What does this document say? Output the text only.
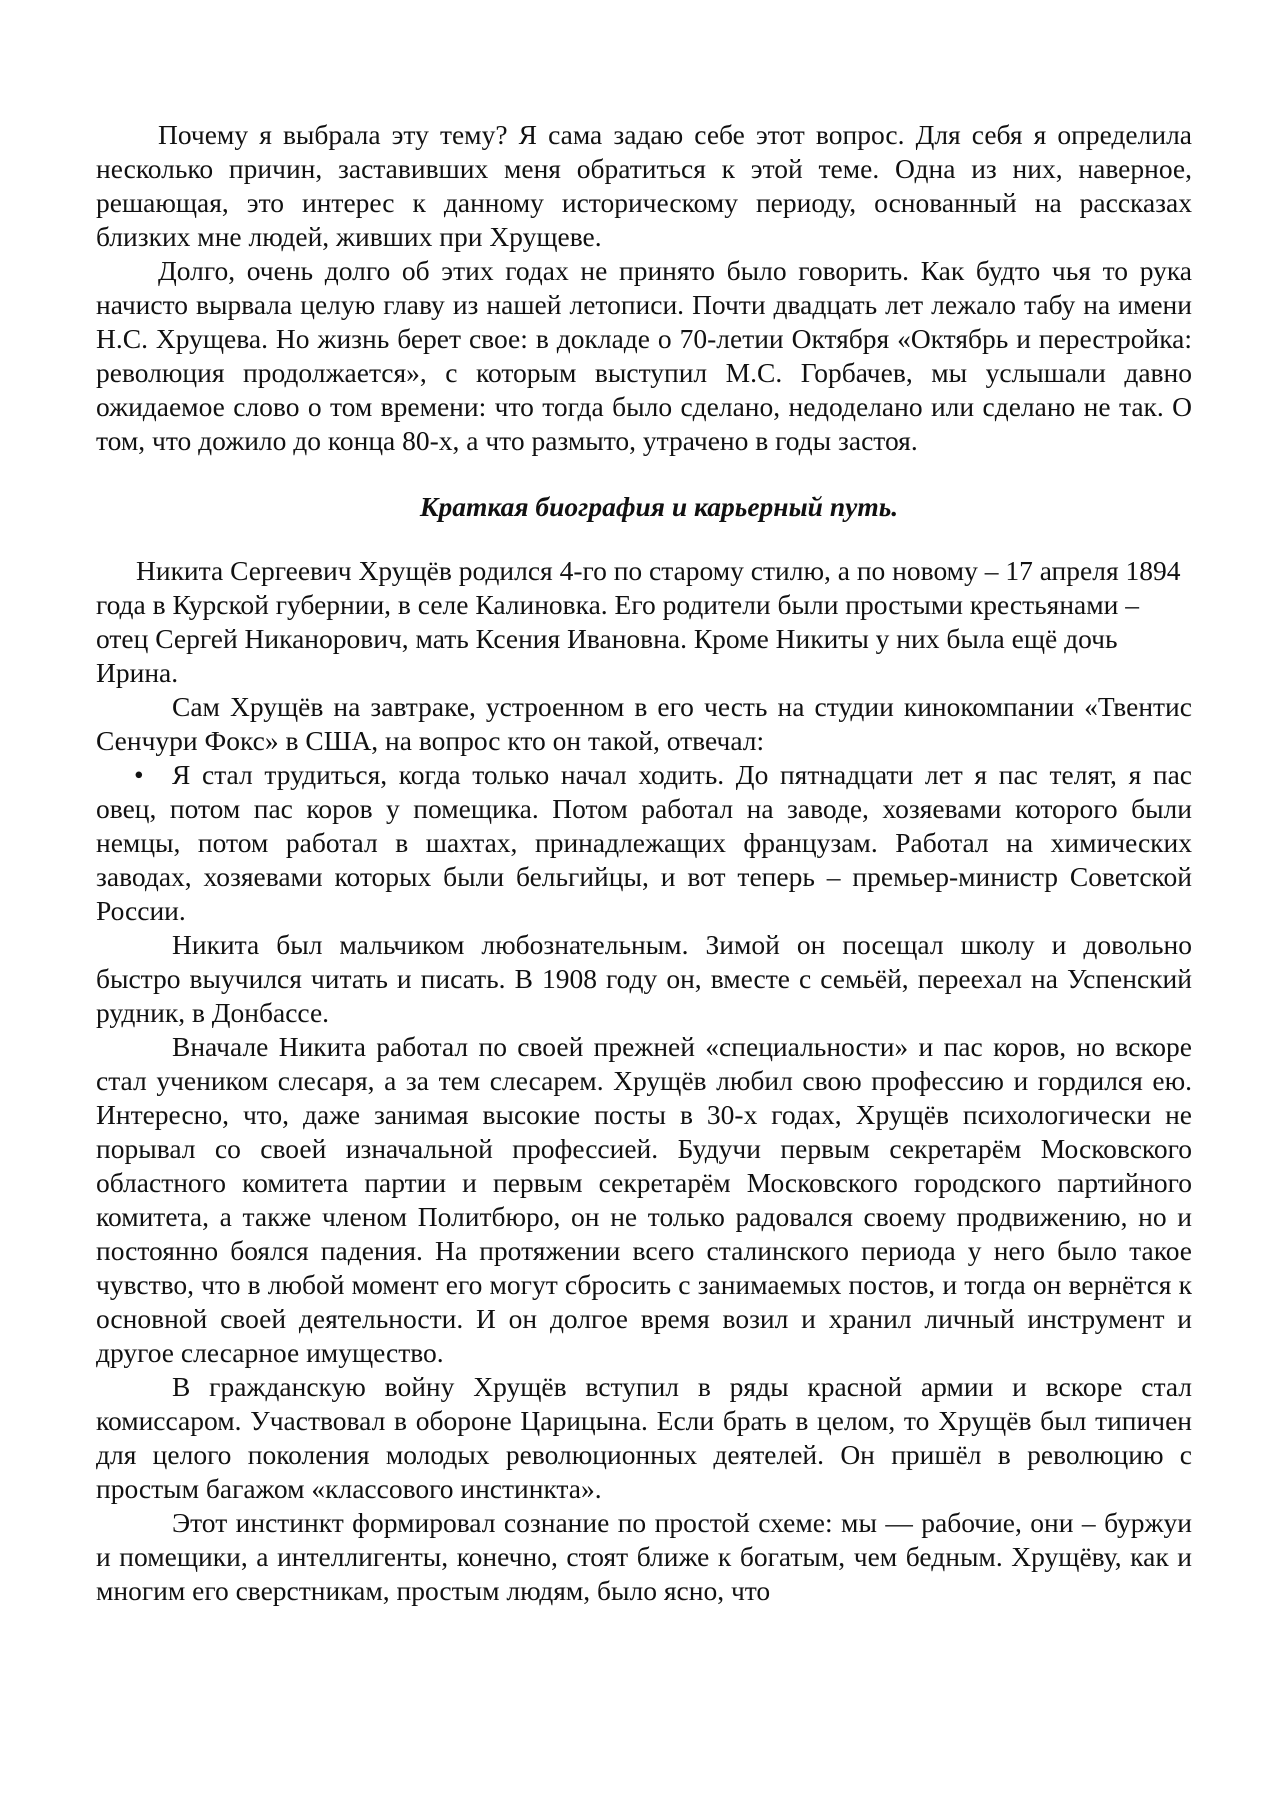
Почему я выбрала эту тему? Я сама задаю себе этот вопрос. Для себя я определила несколько причин, заставивших меня обратиться к этой теме. Одна из них, наверное, решающая, это интерес к данному историческому периоду, основанный на рассказах близких мне людей, живших при Хрущеве.

Долго, очень долго об этих годах не принято было говорить. Как будто чья то рука начисто вырвала целую главу из нашей летописи. Почти двадцать лет лежало табу на имени Н.С. Хрущева. Но жизнь берет свое: в докладе о 70-летии Октября «Октябрь и перестройка: революция продолжается», с которым выступил М.С. Горбачев, мы услышали давно ожидаемое слово о том времени: что тогда было сделано, недоделано или сделано не так. О том, что дожило до конца 80-х, а что размыто, утрачено в годы застоя.

Краткая биография и карьерный путь.

Никита Сергеевич Хрущёв родился 4-го по старому стилю, а по новому – 17 апреля 1894 года в Курской губернии, в селе Калиновка. Его родители были простыми крестьянами – отец Сергей Никанорович, мать Ксения Ивановна. Кроме Никиты у них была ещё дочь Ирина.

Сам Хрущёв на завтраке, устроенном в его честь на студии кинокомпании «Твентис Сенчури Фокс» в США, на вопрос кто он такой, отвечал:

• Я стал трудиться, когда только начал ходить. До пятнадцати лет я пас телят, я пас овец, потом пас коров у помещика. Потом работал на заводе, хозяевами которого были немцы, потом работал в шахтах, принадлежащих французам. Работал на химических заводах, хозяевами которых были бельгийцы, и вот теперь – премьер-министр Советской России.

Никита был мальчиком любознательным. Зимой он посещал школу и довольно быстро выучился читать и писать. В 1908 году он, вместе с семьёй, переехал на Успенский рудник, в Донбассе.

Вначале Никита работал по своей прежней «специальности» и пас коров, но вскоре стал учеником слесаря, а за тем слесарем. Хрущёв любил свою профессию и гордился ею. Интересно, что, даже занимая высокие посты в 30-х годах, Хрущёв психологически не порывал со своей изначальной профессией. Будучи первым секретарём Московского областного комитета партии и первым секретарём Московского городского партийного комитета, а также членом Политбюро, он не только радовался своему продвижению, но и постоянно боялся падения. На протяжении всего сталинского периода у него было такое чувство, что в любой момент его могут сбросить с занимаемых постов, и тогда он вернётся к основной своей деятельности. И он долгое время возил и хранил личный инструмент и другое слесарное имущество.

В гражданскую войну Хрущёв вступил в ряды красной армии и вскоре стал комиссаром. Участвовал в обороне Царицына. Если брать в целом, то Хрущёв был типичен для целого поколения молодых революционных деятелей. Он пришёл в революцию с простым багажом «классового инстинкта».

Этот инстинкт формировал сознание по простой схеме: мы — рабочие, они – буржуи и помещики, а интеллигенты, конечно, стоят ближе к богатым, чем бедным. Хрущёву, как и многим его сверстникам, простым людям, было ясно, что
